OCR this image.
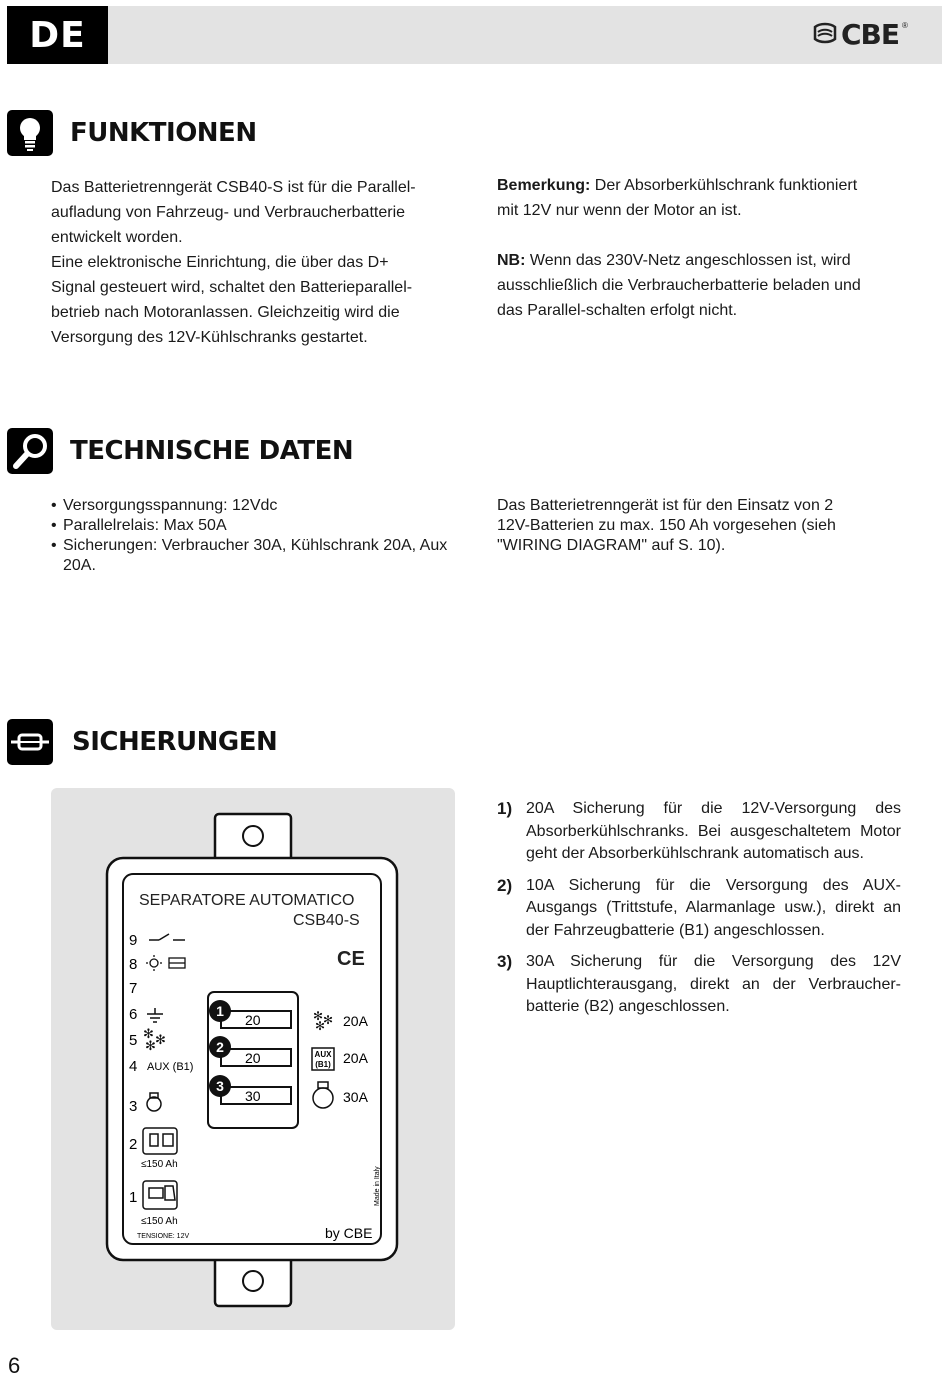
DE	CBE ®
FUNKTIONEN
Das Batterietrenngerät CSB40-S ist für die Parallel-
aufladung von Fahrzeug- und Verbraucherbatterie
entwickelt worden.
Eine elektronische Einrichtung, die über das D+
Signal gesteuert wird, schaltet den Batterieparallel-
betrieb nach Motoranlassen. Gleichzeitig wird die
Versorgung des 12V-Kühlschranks gestartet.
Bemerkung: Der Absorberkühlschrank funktioniert
mit 12V nur wenn der Motor an ist.
NB: Wenn das 230V-Netz angeschlossen ist, wird
ausschließlich die Verbraucherbatterie beladen und
das Parallel-schalten erfolgt nicht.
TECHNISCHE DATEN
• Versorgungsspannung: 12Vdc
• Parallelrelais: Max 50A
• Sicherungen: Verbraucher 30A, Kühlschrank 20A, Aux 20A.
Das Batterietrenngerät ist für den Einsatz von 2
12V-Batterien zu max. 150 Ah vorgesehen (sieh
"WIRING DIAGRAM" auf S. 10).
SICHERUNGEN
SEPARATORE AUTOMATICO
CSB40-S
CE
9
8
7
6
5
4
3
2
1
✻ ✻
✻
AUX (B1)
≤150 Ah
≤150 Ah
TENSIONE: 12V	by CBE
Made in Italy
20
20
30
1
2
3
✻ ✻
✻
AUX
(B1)
20A
20A
30A
1) 20A Sicherung für die 12V-Versorgung des Absorberkühlschranks. Bei ausgeschaltetem Motor geht der Absorberkühlschrank automatisch aus.
2) 10A Sicherung für die Versorgung des AUX-Ausgangs (Trittstufe, Alarmanlage usw.), direkt an der Fahrzeugbatterie (B1) angeschlossen.
3) 30A Sicherung für die Versorgung des 12V Hauptlichterausgang, direkt an der Verbraucher-batterie (B2) angeschlossen.
6
